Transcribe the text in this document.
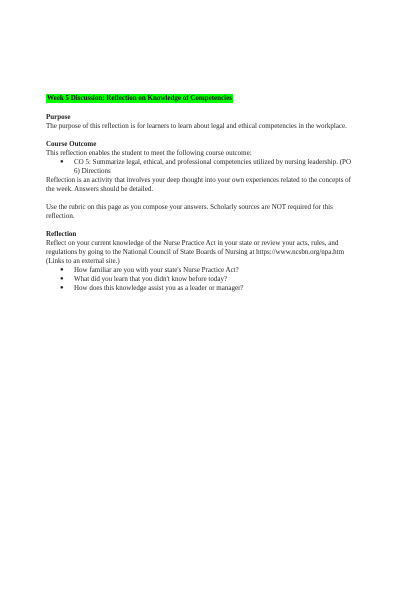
Week 5 Discussion: Reflection on Knowledge of Competencies

Purpose

The purpose of this reflection is for learners to learn about legal and ethical competencies in the workplace.

Course Outcome

This reflection enables the student to meet the following course outcome:

● CO 5: Summarize legal, ethical, and professional competencies utilized by nursing leadership. (PO 6) Directions

Reflection is an activity that involves your deep thought into your own experiences related to the concepts of the week. Answers should be detailed.

Use the rubric on this page as you compose your answers. Scholarly sources are NOT required for this reflection.

Reflection

Reflect on your current knowledge of the Nurse Practice Act in your state or review your acts, rules, and regulations by going to the National Council of State Boards of Nursing at https://www.ncsbn.org/npa.htm (Links to an external site.)

● How familiar are you with your state's Nurse Practice Act?
● What did you learn that you didn't know before today?
● How does this knowledge assist you as a leader or manager?
